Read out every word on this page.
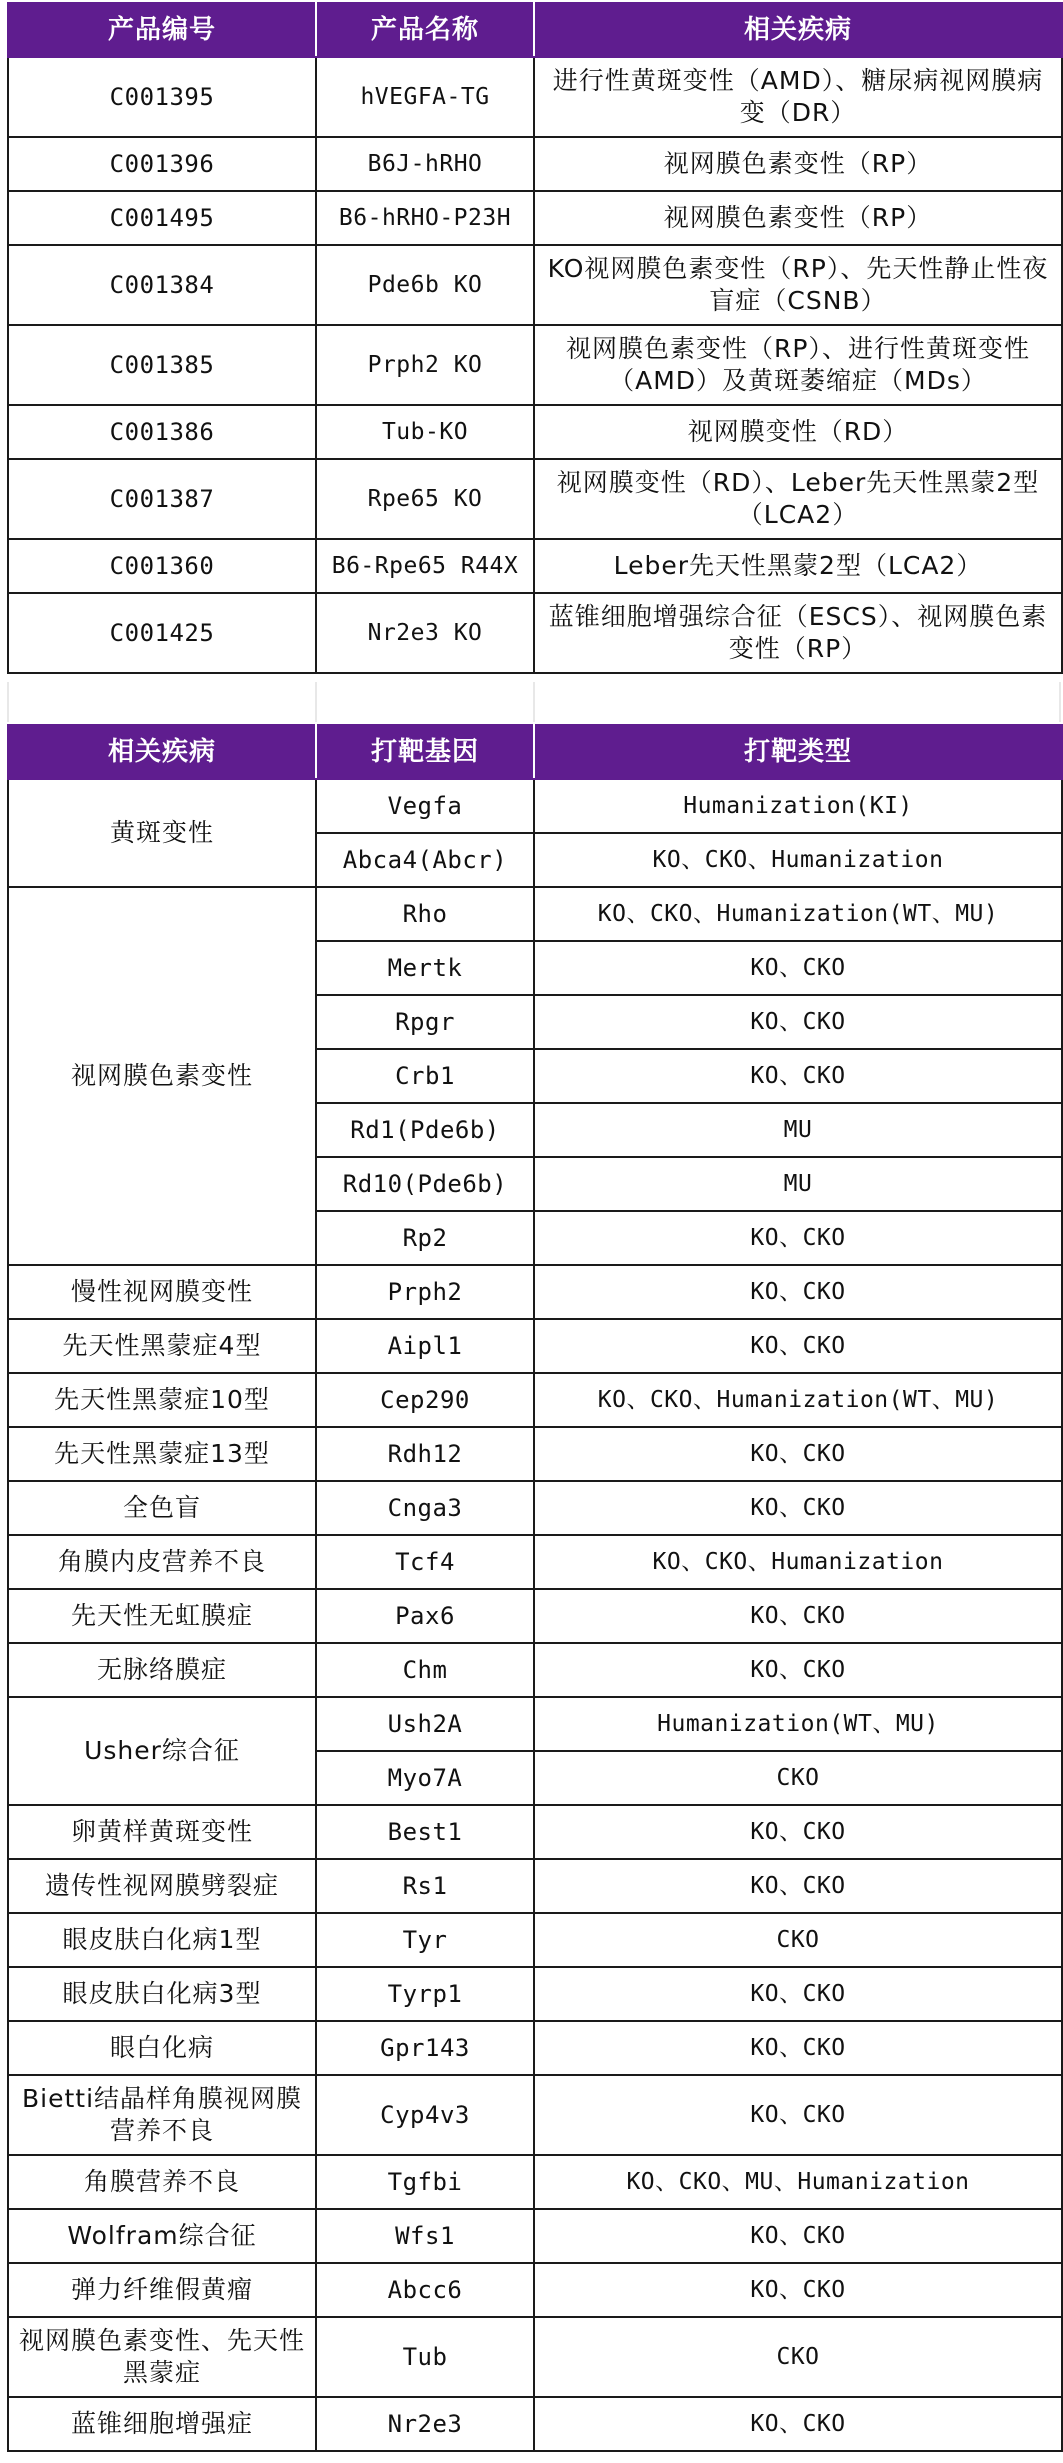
产品编号	产品名称	相关疾病
C001395	hVEGFA-TG	进行性黄斑变性（AMD）、糖尿病视网膜病变（DR）
C001396	B6J-hRHO	视网膜色素变性（RP）
C001495	B6-hRHO-P23H	视网膜色素变性（RP）
C001384	Pde6b KO	KO视网膜色素变性（RP）、先天性静止性夜盲症（CSNB）
C001385	Prph2 KO	视网膜色素变性（RP）、进行性黄斑变性（AMD）及黄斑萎缩症（MDs）
C001386	Tub-KO	视网膜变性（RD）
C001387	Rpe65 KO	视网膜变性（RD）、Leber先天性黑蒙2型（LCA2）
C001360	B6-Rpe65 R44X	Leber先天性黑蒙2型（LCA2）
C001425	Nr2e3 KO	蓝锥细胞增强综合征（ESCS）、视网膜色素变性（RP）
相关疾病	打靶基因	打靶类型
黄斑变性	Vegfa	Humanization(KI)
	Abca4(Abcr)	KO、CKO、Humanization
视网膜色素变性	Rho	KO、CKO、Humanization(WT、MU)
	Mertk	KO、CKO
	Rpgr	KO、CKO
	Crb1	KO、CKO
	Rd1(Pde6b)	MU
	Rd10(Pde6b)	MU
	Rp2	KO、CKO
慢性视网膜变性	Prph2	KO、CKO
先天性黑蒙症4型	Aipl1	KO、CKO
先天性黑蒙症10型	Cep290	KO、CKO、Humanization(WT、MU)
先天性黑蒙症13型	Rdh12	KO、CKO
全色盲	Cnga3	KO、CKO
角膜内皮营养不良	Tcf4	KO、CKO、Humanization
先天性无虹膜症	Pax6	KO、CKO
无脉络膜症	Chm	KO、CKO
Usher综合征	Ush2A	Humanization(WT、MU)
	Myo7A	CKO
卵黄样黄斑变性	Best1	KO、CKO
遗传性视网膜劈裂症	Rs1	KO、CKO
眼皮肤白化病1型	Tyr	CKO
眼皮肤白化病3型	Tyrp1	KO、CKO
眼白化病	Gpr143	KO、CKO
Bietti结晶样角膜视网膜营养不良	Cyp4v3	KO、CKO
角膜营养不良	Tgfbi	KO、CKO、MU、Humanization
Wolfram综合征	Wfs1	KO、CKO
弹力纤维假黄瘤	Abcc6	KO、CKO
视网膜色素变性、先天性黑蒙症	Tub	CKO
蓝锥细胞增强症	Nr2e3	KO、CKO
